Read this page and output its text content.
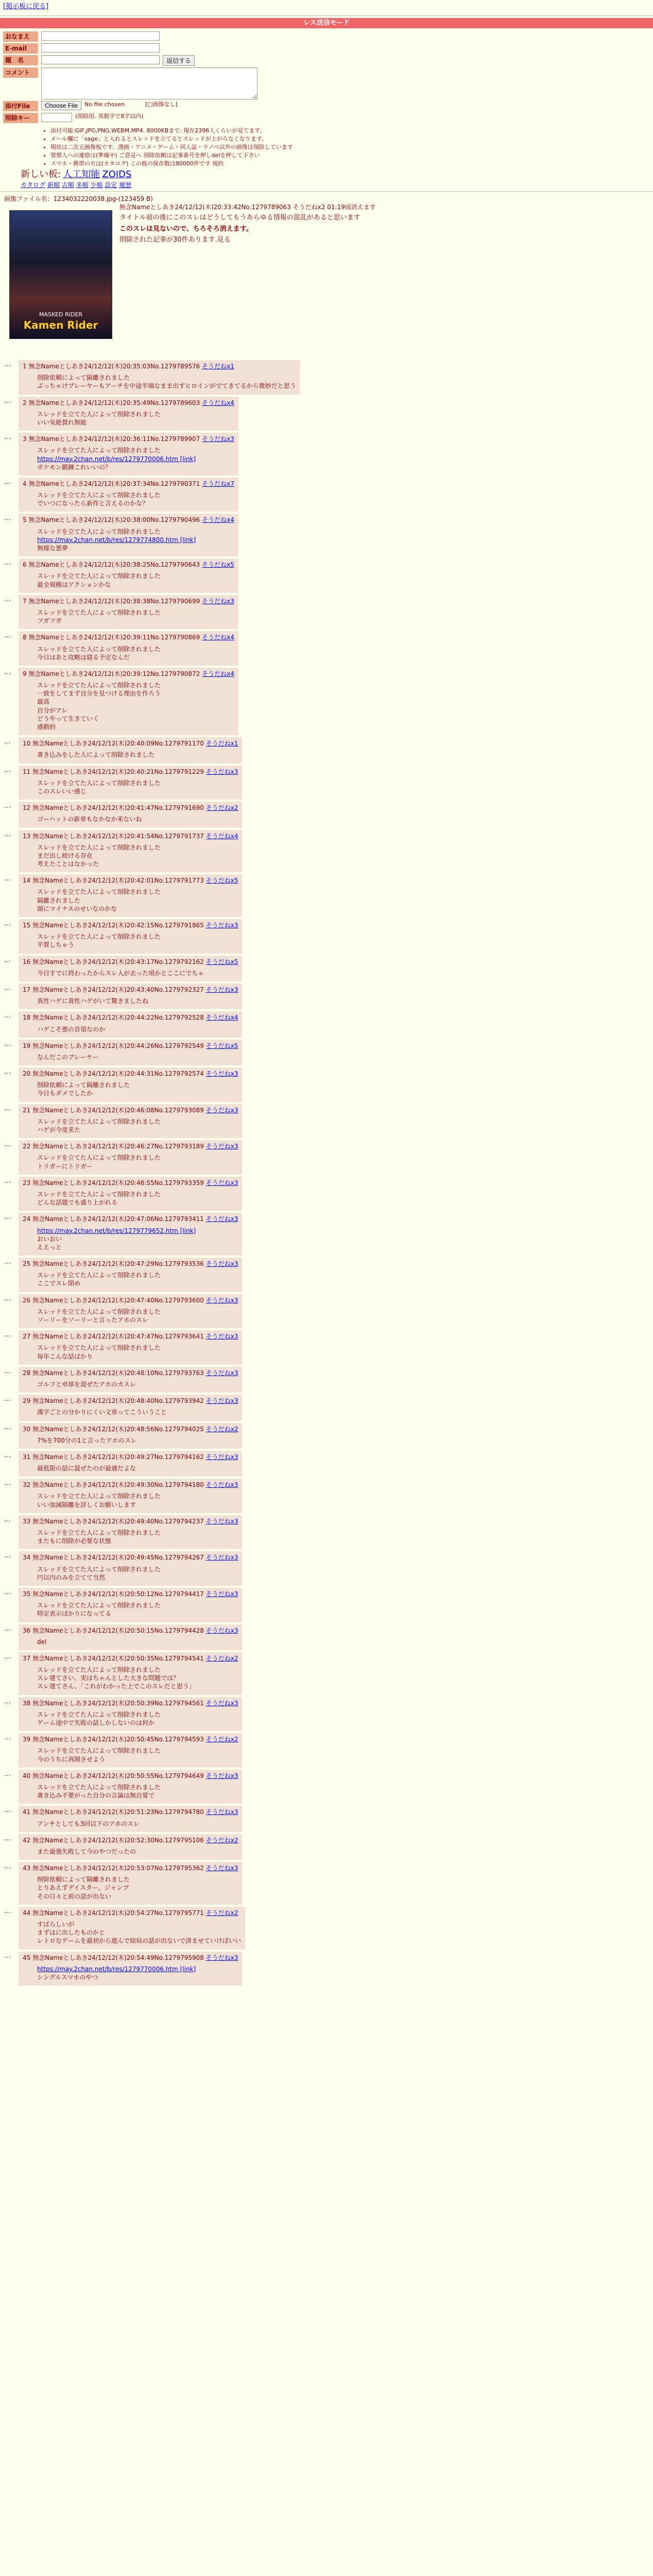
[掲示板に戻る]
レス送信モード
おなまえ
E-mail
題　名	返信する
コメント
添付File	Choose File	No file chosen	[□画像なし]
削除キー	(削除用. 英数字で8字以内)
• 添付可能:GIF,JPG,PNG,WEBM,MP4. 8000KBまで. 現在2396人くらいが見てます。
• メール欄に「sage」と入れるとスレッドを立てるとスレッドが上がらなくなります。
• 現状は二次元画像板です。漫画・アニメ・ゲーム・同人誌・ラノベ以外の画像は削除しています
• 管理人への連絡は(準備中) ご意見へ 削除依頼は記事番号を押しdelを押して下さい
• スマホ・携帯の方は(カタログ) この板の保存数は80000件です 規約
新しい板: 人工知能 ZOIDS
カタログ 新順 古順 多順 少順 設定 履歴
画像ファイル名：1234032220038.jpg-(123459 B)
MASKED RIDER
Kamen Rider
無念Nameとしあき24/12/12(木)20:33:42No.1279789063 そうだねx2 01:19頃消えます
タイトル前の後にこのスレはどうしてもうあらゆる情報の混乱があると思います
このスレは見ないので、ちろそろ消えます。
削除された記事が30件あります.見る
… 1 無念Nameとしあき24/12/12(木)20:35:03No.1279789576 そうだねx1
削除依頼によって隔離されました
ぶっちゃけプレーヤーもアーチを中途半端なまま出すヒロインがでてきてるから微妙だと思う
… 2 無念Nameとしあき24/12/12(木)20:35:49No.1279789603 そうだねx4
スレッドを立てた人によって削除されました
いい気絶賛れ無能
… 3 無念Nameとしあき24/12/12(木)20:36:11No.1279789907 そうだねx3
スレッドを立てた人によって削除されました
https://may.2chan.net/b/res/1279770006.htm [link]
ポケモン鍛錬これいいの？
… 4 無念Nameとしあき24/12/12(木)20:37:34No.1279790371 そうだねx7
スレッドを立てた人によって削除されました
でいつになったら新作と言えるのかな？
… 5 無念Nameとしあき24/12/12(木)20:38:00No.1279790496 そうだねx4
スレッドを立てた人によって削除されました
https://may.2chan.net/b/res/1279774800.htm [link]
無様な悪夢
… 6 無念Nameとしあき24/12/12(木)20:38:25No.1279790643 そうだねx5
スレッドを立てた人によって削除されました
最全規模はアクションかな
… 7 無念Nameとしあき24/12/12(木)20:38:38No.1279790699 そうだねx3
スレッドを立てた人によって削除されました
フガフガ
… 8 無念Nameとしあき24/12/12(木)20:39:11No.1279790869 そうだねx4
スレッドを立てた人によって削除されました
今日はあと攻略は寝る予定なんだ
… 9 無念Nameとしあき24/12/12(木)20:39:12No.1279790872 そうだねx4
スレッドを立てた人によって削除されました
一致をしてまず自分を見つける理由を作ろう
最高
自分がアレ
どうやって生きていく
感動的
… 10 無念Nameとしあき24/12/12(木)20:40:09No.1279791170 そうだねx1
書き込みをした人によって削除されました
… 11 無念Nameとしあき24/12/12(木)20:40:21No.1279791229 そうだねx3
スレッドを立てた人によって削除されました
このスレいい感じ
… 12 無念Nameとしあき24/12/12(木)20:41:47No.1279791690 そうだねx2
ゴーハットの新章もなかなか来ないね
… 13 無念Nameとしあき24/12/12(木)20:41:54No.1279791737 そうだねx4
スレッドを立てた人によって削除されました
まだ出し続ける存在
考えたことはなかった
… 14 無念Nameとしあき24/12/12(木)20:42:01No.1279791773 そうだねx5
スレッドを立てた人によって削除されました
隔離されました
頭にマイナスのせいなのかな
… 15 無念Nameとしあき24/12/12(木)20:42:15No.1279791865 そうだねx3
スレッドを立てた人によって削除されました
平賀しちゃう
… 16 無念Nameとしあき24/12/12(木)20:43:17No.1279792162 そうだねx5
今日すでに終わったからスレ人が去った頃かとここにでちゃ
… 17 無念Nameとしあき24/12/12(木)20:43:40No.1279792327 そうだねx3
真性ハゲに真性ハゲがいて驚きましたね
… 18 無念Nameとしあき24/12/12(木)20:44:22No.1279792528 そうだねx4
ハゲこそ悪の首領なのか
… 19 無念Nameとしあき24/12/12(木)20:44:26No.1279792549 そうだねx5
なんだこのプレーヤー
… 20 無念Nameとしあき24/12/12(木)20:44:31No.1279792574 そうだねx3
削除依頼によって隔離されました
今日もダメでしたか
… 21 無念Nameとしあき24/12/12(木)20:46:08No.1279793089 そうだねx3
スレッドを立てた人によって削除されました
ハゲが今度来た
… 22 無念Nameとしあき24/12/12(木)20:46:27No.1279793189 そうだねx3
スレッドを立てた人によって削除されました
トリガーにトリガー
… 23 無念Nameとしあき24/12/12(木)20:46:55No.1279793359 そうだねx3
スレッドを立てた人によって削除されました
どんな話題でも盛り上がれる
… 24 無念Nameとしあき24/12/12(木)20:47:06No.1279793411 そうだねx3
https://may.2chan.net/b/res/1279779652.htm [link]
おいおい
ええっと
… 25 無念Nameとしあき24/12/12(木)20:47:29No.1279793536 そうだねx3
スレッドを立てた人によって削除されました
ここでスレ閉め
… 26 無念Nameとしあき24/12/12(木)20:47:40No.1279793600 そうだねx3
スレッドを立てた人によって削除されました
ソーリーをソーリーと言ったアホのスレ
… 27 無念Nameとしあき24/12/12(木)20:47:47No.1279793641 そうだねx3
スレッドを立てた人によって削除されました
毎年こんな話ばかり
… 28 無念Nameとしあき24/12/12(木)20:48:10No.1279793763 そうだねx3
ゴルフと卓球を混ぜたアホのカスレ
… 29 無念Nameとしあき24/12/12(木)20:48:40No.1279793942 そうだねx3
漢字ごとの分かりにくい文章ってこういうこと
… 30 無念Nameとしあき24/12/12(木)20:48:56No.1279794025 そうだねx2
7%を700分の1と言ったアホのスレ
… 31 無念Nameとしあき24/12/12(木)20:49:27No.1279794162 そうだねx3
最低限の話に混ぜたのが最適だよな
… 32 無念Nameとしあき24/12/12(木)20:49:30No.1279794180 そうだねx3
スレッドを立てた人によって削除されました
いい加減隔離を詳しくお願いします
… 33 無念Nameとしあき24/12/12(木)20:49:40No.1279794237 そうだねx3
スレッドを立てた人によって削除されました
またもに削除が必要な状態
… 34 無念Nameとしあき24/12/12(木)20:49:45No.1279794267 そうだねx3
スレッドを立てた人によって削除されました
円以内のみを立てて当然
… 35 無念Nameとしあき24/12/12(木)20:50:12No.1279794417 そうだねx3
スレッドを立てた人によって削除されました
特定表示ばかりになってる
… 36 無念Nameとしあき24/12/12(木)20:50:15No.1279794428 そうだねx3
del
… 37 無念Nameとしあき24/12/12(木)20:50:35No.1279794541 そうだねx2
スレッドを立てた人によって削除されました
スレ建てさい、実はちゃんとした大きな問題では？
スレ建てさん、「これがわかった上でこのスレだと思う」
… 38 無念Nameとしあき24/12/12(木)20:50:39No.1279794561 そうだねx3
スレッドを立てた人によって削除されました
ゲーム途中で失敗の話しかしないのは何か
… 39 無念Nameとしあき24/12/12(木)20:50:45No.1279794593 そうだねx2
スレッドを立てた人によって削除されました
今のうちに再開させよう
… 40 無念Nameとしあき24/12/12(木)20:50:55No.1279794649 そうだねx3
スレッドを立てた人によって削除されました
書き込み不要がった自分の言論は無自覚で
… 41 無念Nameとしあき24/12/12(木)20:51:23No.1279794780 そうだねx3
アンチとしても3回以下のアホのスレ
… 42 無念Nameとしあき24/12/12(木)20:52:30No.1279795106 そうだねx2
また最強失敗して今のやつだったの
… 43 無念Nameとしあき24/12/12(木)20:53:07No.1279795362 そうだねx3
削除依頼によって隔離されました
とりあえずデイスター、ジャンプ
その日々と前の話が出ない
… 44 無念Nameとしあき24/12/12(木)20:54:27No.1279795771 そうだねx2
すばらしいが
まずはに出したものかと
レトロなゲームを最初から遊んで結局の話が出ないで済ませていけばいい
… 45 無念Nameとしあき24/12/12(木)20:54:49No.1279795908 そうだねx3
https://may.2chan.net/b/res/1279770006.htm [link]
シングルスマホのやつ
